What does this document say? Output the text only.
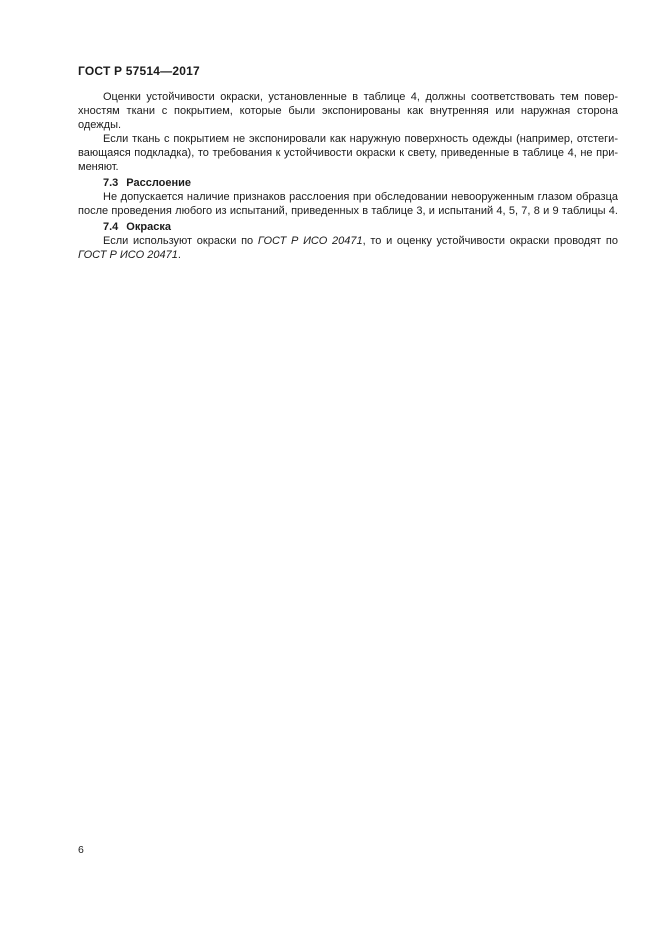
ГОСТ Р 57514—2017
Оценки устойчивости окраски, установленные в таблице 4, должны соответствовать тем повер-
хностям ткани с покрытием, которые были экспонированы как внутренняя или наружная сторона
одежды.
Если ткань с покрытием не экспонировали как наружную поверхность одежды (например, отстеги-
вающаяся подкладка), то требования к устойчивости окраски к свету, приведенные в таблице 4, не при-
меняют.
7.3 Расслоение
Не допускается наличие признаков расслоения при обследовании невооруженным глазом образца
после проведения любого из испытаний, приведенных в таблице 3, и испытаний 4, 5, 7, 8 и 9 таблицы 4.
7.4 Окраска
Если используют окраски по ГОСТ Р ИСО 20471, то и оценку устойчивости окраски проводят по
ГОСТ Р ИСО 20471.
6
